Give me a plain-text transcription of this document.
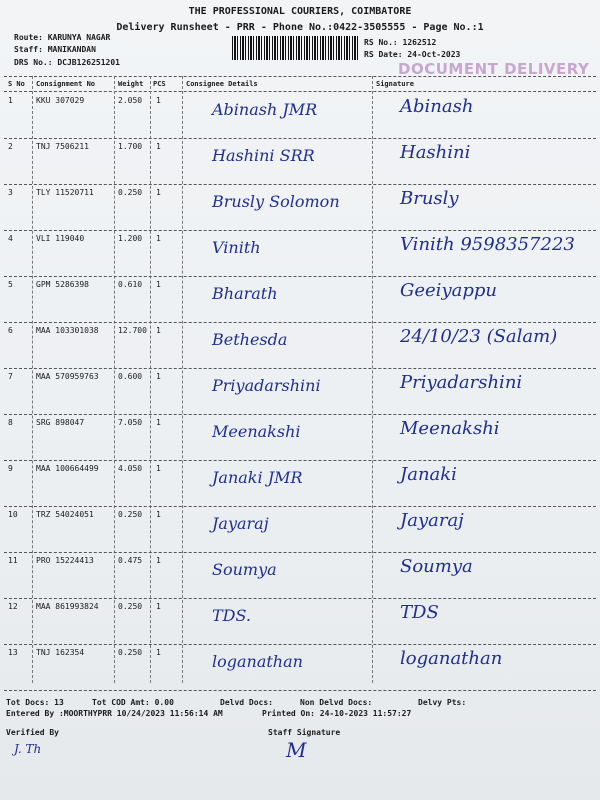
THE PROFESSIONAL COURIERS, COIMBATORE
Delivery Runsheet - PRR - Phone No.:0422-3505555 - Page No.:1
Route: KARUNYA NAGAR
Staff: MANIKANDAN
DRS No.: DCJB126251201
RS No.: 1262512
RS Date: 24-Oct-2023
DOCUMENT DELIVERY
S No Consignment No	Weight PCS	Consignee Details	Signature
1	KKU 307029	2.050 1	Abinash JMR	Abinash
2	TNJ 7506211	1.700 1	Hashini SRR	Hashini
3	TLY 11520711	0.250 1	Brusly Solomon	Brusly
4	VLI 119040	1.200 1	Vinith	Vinith 9598357223
5	GPM 5286398	0.610 1	Bharath	Geeiyappu
6	MAA 103301038 12.700 1	Bethesda	24/10/23 (Salam)
7	MAA 570959763 0.600 1	Priyadarshini	Priyadarshini
8	SRG 898047	7.050 1	Meenakshi	Meenakshi
9	MAA 100664499 4.050 1	Janaki JMR	Janaki
10 TRZ 54024051	0.250 1	Jayaraj	Jayaraj
11 PRO 15224413	0.475 1	Soumya	Soumya
12 MAA 861993824 0.250 1	TDS.	TDS
13 TNJ 162354	0.250 1	loganathan	loganathan
Tot Docs: 13	Tot COD Amt: 0.00	Delvd Docs:	Non Delvd Docs:	Delvy Pts:
Entered By :MOORTHYPRR 10/24/2023 11:56:14 AM	Printed On: 24-10-2023 11:57:27
Verified By
J. Th
Staff Signature
M
